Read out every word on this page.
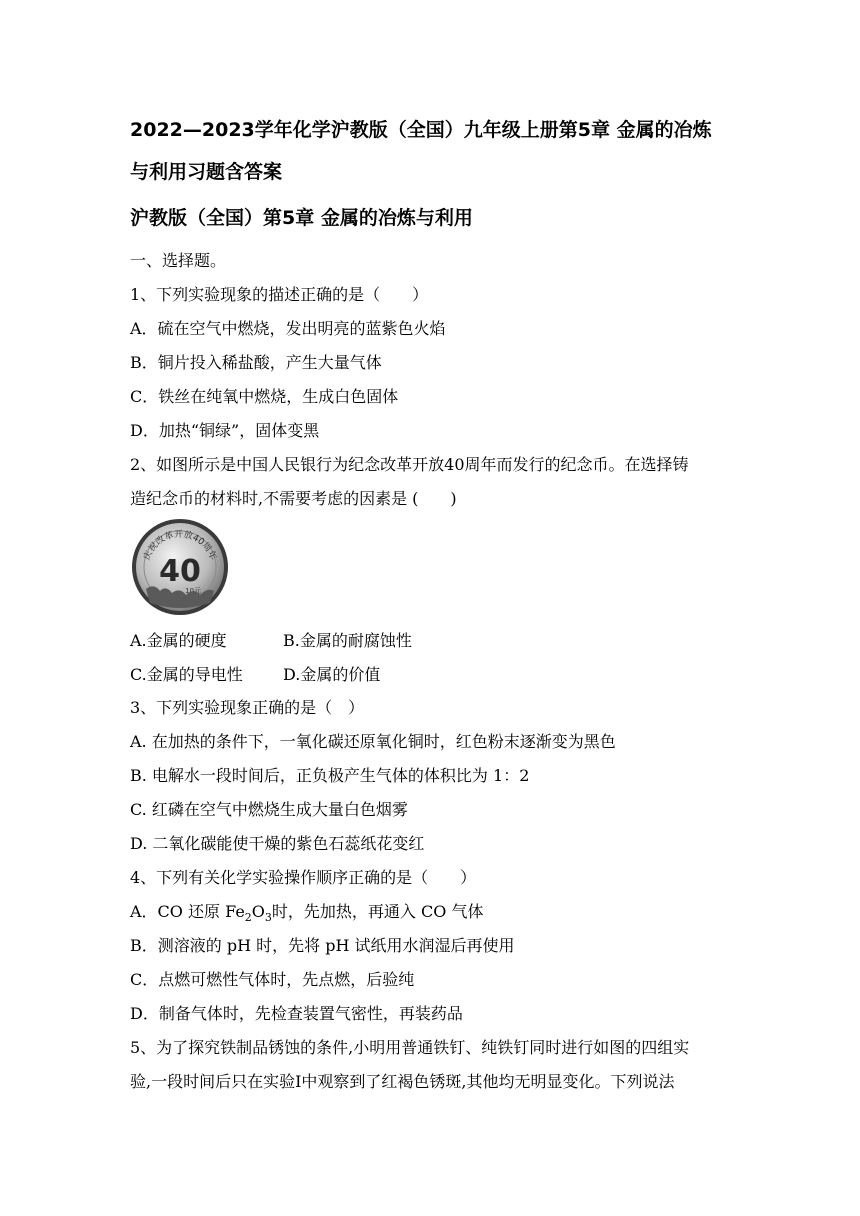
2022—2023学年化学沪教版（全国）九年级上册第5章 金属的冶炼
与利用习题含答案
沪教版（全国）第5章 金属的冶炼与利用
一、选择题。
1、下列实验现象的描述正确的是（　　）
A．硫在空气中燃烧，发出明亮的蓝紫色火焰
B．铜片投入稀盐酸，产生大量气体
C．铁丝在纯氧中燃烧，生成白色固体
D．加热“铜绿”，固体变黑
2、如图所示是中国人民银行为纪念改革开放40周年而发行的纪念币。在选择铸
造纪念币的材料时,不需要考虑的因素是 (　　)
庆祝改革开放40周年
40
10元
A.金属的硬度	B.金属的耐腐蚀性
C.金属的导电性	D.金属的价值
3、下列实验现象正确的是（　）
A. 在加热的条件下，一氧化碳还原氧化铜时，红色粉末逐渐变为黑色
B. 电解水一段时间后，正负极产生气体的体积比为 1：2
C. 红磷在空气中燃烧生成大量白色烟雾
D. 二氧化碳能使干燥的紫色石蕊纸花变红
4、下列有关化学实验操作顺序正确的是（　　）
A．CO 还原 $Fe_2O_3$时，先加热，再通入 CO 气体
B．测溶液的 pH 时，先将 pH 试纸用水润湿后再使用
C．点燃可燃性气体时，先点燃，后验纯
D．制备气体时，先检查装置气密性，再装药品
5、为了探究铁制品锈蚀的条件,小明用普通铁钉、纯铁钉同时进行如图的四组实
验,一段时间后只在实验Ⅰ中观察到了红褐色锈斑,其他均无明显变化。下列说法
